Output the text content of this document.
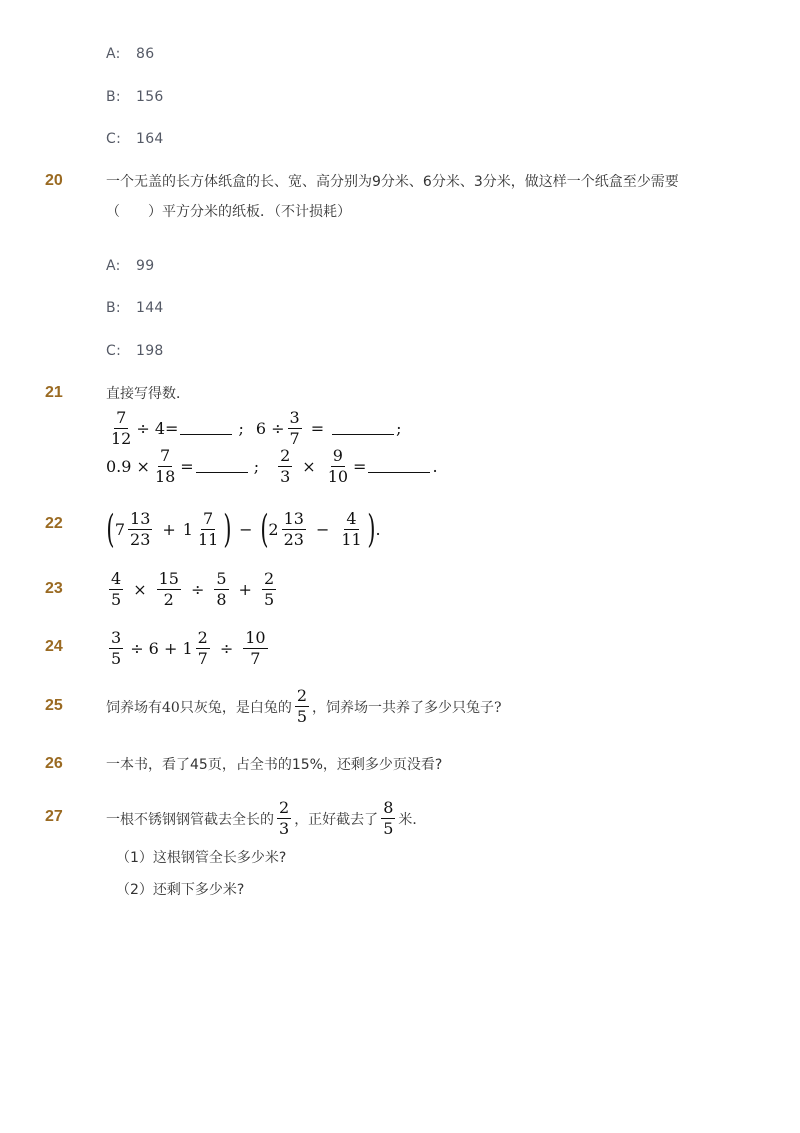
A: 86
B: 156
C: 164
20	一个无盖的长方体纸盒的长、宽、高分别为9分米、6分米、3分米，做这样一个纸盒至少需要（　　）平方分米的纸板．（不计损耗）
A: 99
B: 144
C: 198
21	直接写得数．
$\frac{7}{12} \div 4=$	; $6 \div \frac{3}{7}$ =	;
$0.9 \times \frac{7}{18}$ =	; $\frac{2}{3} \times \frac{9}{10}$ =	.
22 ( $7 \frac{13}{23} + 1 \frac{7}{11}$ ) − ( $2 \frac{13}{23} - \frac{4}{11}$ ) .
23	$\frac{4}{5} \times \frac{15}{2} \div \frac{5}{8} + \frac{2}{5}$
24	$\frac{3}{5} \div 6 + 1 \frac{2}{7} \div \frac{10}{7}$
25	饲养场有40只灰兔，是白兔的 $\frac{2}{5}$ ，饲养场一共养了多少只兔子?
26	一本书，看了45页，占全书的15%，还剩多少页没看?
27	一根不锈钢钢管截去全长的 $\frac{2}{3}$ ，正好截去了 $\frac{8}{5}$ 米．
（1）这根钢管全长多少米?
（2）还剩下多少米?
